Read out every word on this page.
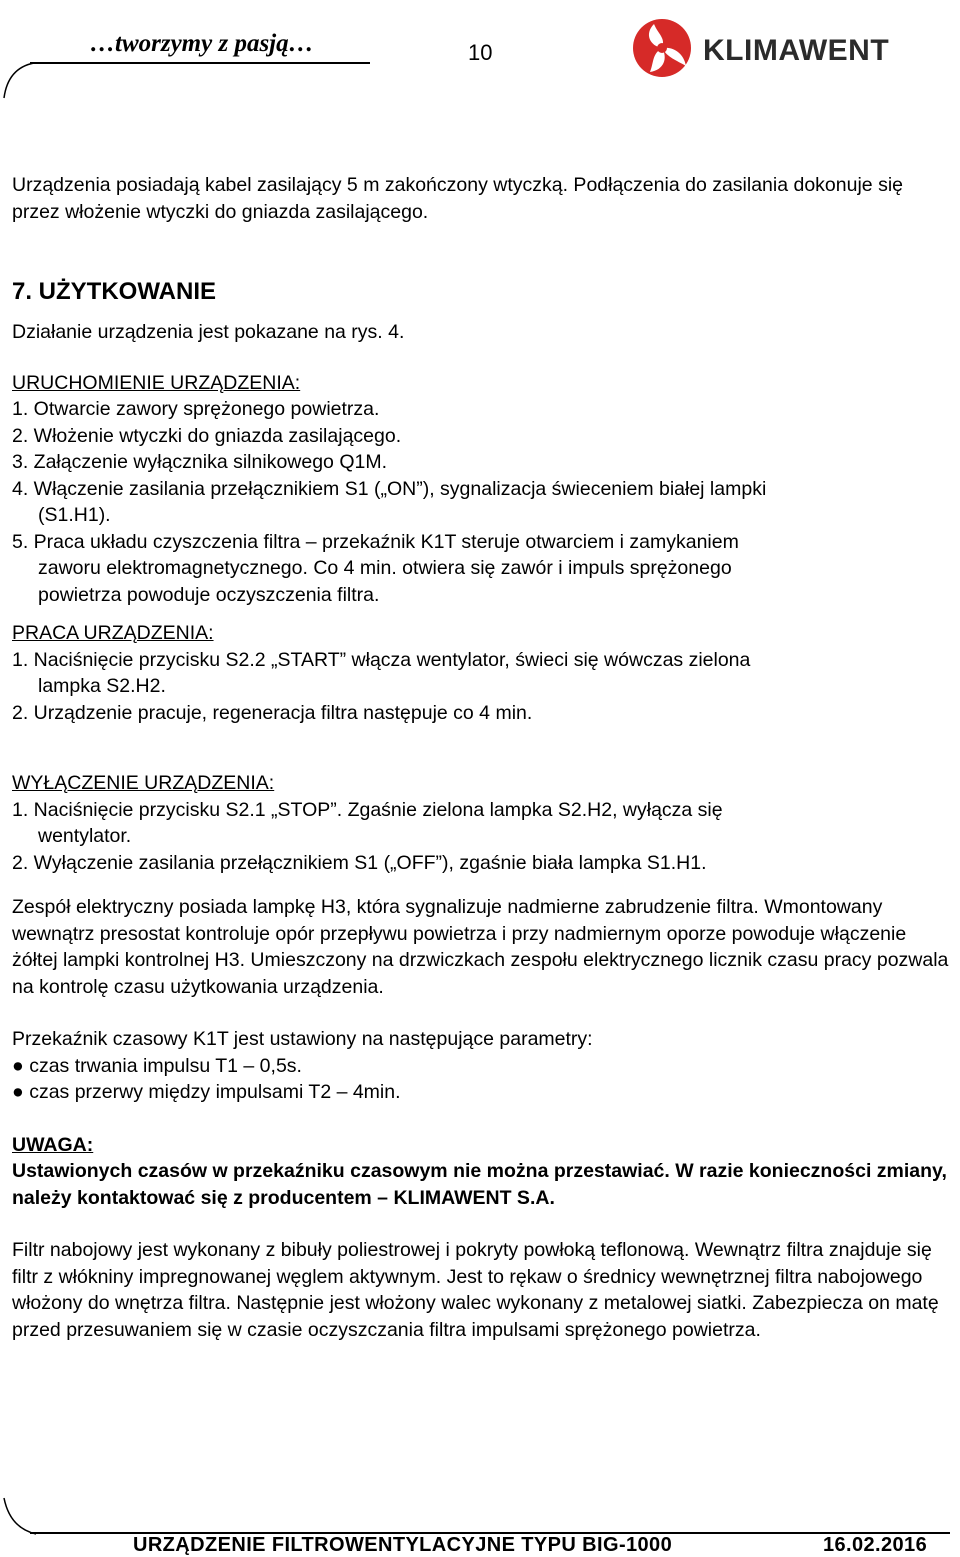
…tworzymy z pasją…	10	KLIMAWENT

Urządzenia posiadają kabel zasilający 5 m zakończony wtyczką. Podłączenia do zasilania dokonuje się przez włożenie wtyczki do gniazda zasilającego.

7. UŻYTKOWANIE

Działanie urządzenia jest pokazane na rys. 4.

URUCHOMIENIE URZĄDZENIA:

1. Otwarcie zawory sprężonego powietrza.

2. Włożenie wtyczki do gniazda zasilającego.

3. Załączenie wyłącznika silnikowego Q1M.

4. Włączenie zasilania przełącznikiem S1 („ON”), sygnalizacja świeceniem białej lampki

(S1.H1).

5. Praca układu czyszczenia filtra – przekaźnik K1T steruje otwarciem i zamykaniem

zaworu elektromagnetycznego. Co 4 min. otwiera się zawór i impuls sprężonego

powietrza powoduje oczyszczenia filtra.

PRACA URZĄDZENIA:

1. Naciśnięcie przycisku S2.2 „START” włącza wentylator, świeci się wówczas zielona

lampka S2.H2.

2. Urządzenie pracuje, regeneracja filtra następuje co 4 min.

WYŁĄCZENIE URZĄDZENIA:

1. Naciśnięcie przycisku S2.1 „STOP”. Zgaśnie zielona lampka S2.H2, wyłącza się

wentylator.

2. Wyłączenie zasilania przełącznikiem S1 („OFF”), zgaśnie biała lampka S1.H1.

Zespół elektryczny posiada lampkę H3, która sygnalizuje nadmierne zabrudzenie filtra. Wmontowany wewnątrz presostat kontroluje opór przepływu powietrza i przy nadmiernym oporze powoduje włączenie żółtej lampki kontrolnej H3. Umieszczony na drzwiczkach zespołu elektrycznego licznik czasu pracy pozwala na kontrolę czasu użytkowania urządzenia.

Przekaźnik czasowy K1T jest ustawiony na następujące parametry:

● czas trwania impulsu T1 – 0,5s.

● czas przerwy między impulsami T2 – 4min.

UWAGA:

Ustawionych czasów w przekaźniku czasowym nie można przestawiać. W razie konieczności zmiany, należy kontaktować się z producentem – KLIMAWENT S.A.

Filtr nabojowy jest wykonany z bibuły poliestrowej i pokryty powłoką teflonową. Wewnątrz filtra znajduje się filtr z włókniny impregnowanej węglem aktywnym. Jest to rękaw o średnicy wewnętrznej filtra nabojowego włożony do wnętrza filtra. Następnie jest włożony walec wykonany z metalowej siatki. Zabezpiecza on matę przed przesuwaniem się w czasie oczyszczania filtra impulsami sprężonego powietrza.

URZĄDZENIE FILTROWENTYLACYJNE TYPU BIG-1000	16.02.2016
